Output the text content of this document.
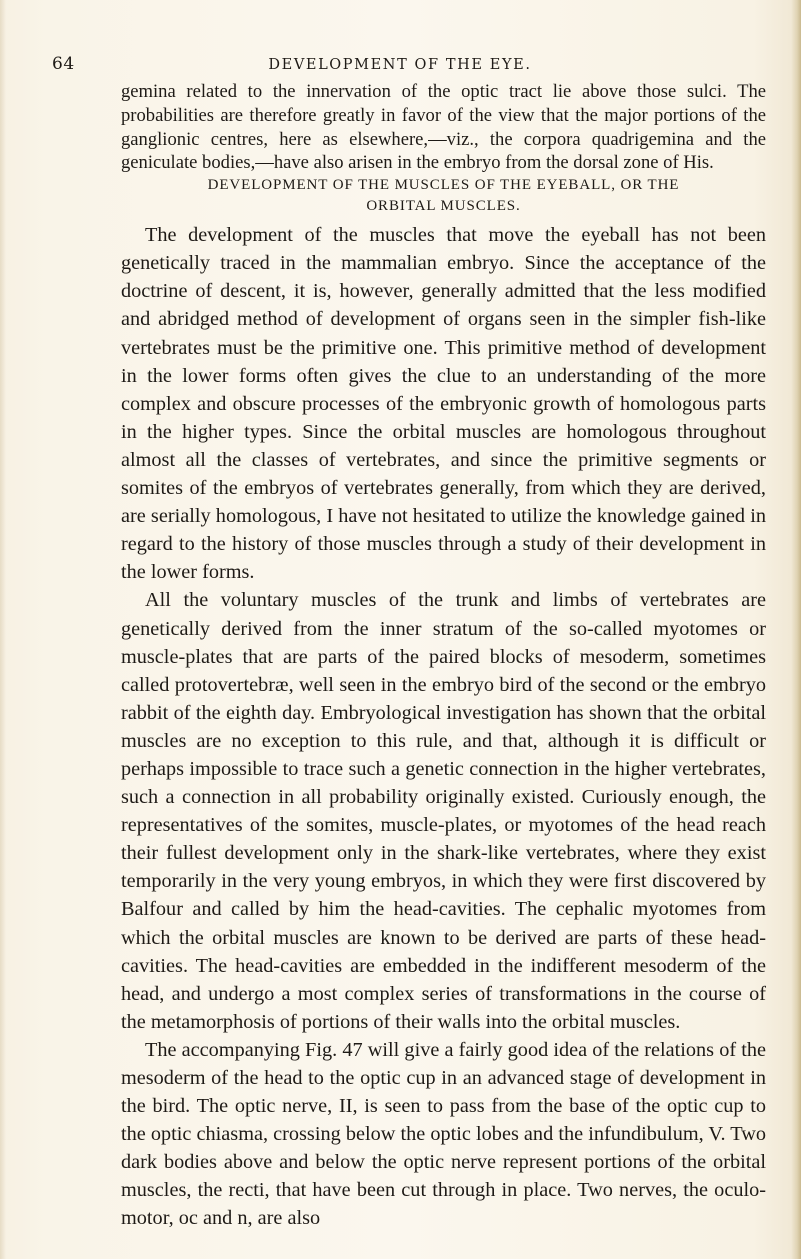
64	DEVELOPMENT OF THE EYE.

gemina related to the innervation of the optic tract lie above those sulci. The probabilities are therefore greatly in favor of the view that the major portions of the ganglionic centres, here as elsewhere,—viz., the corpora quadrigemina and the geniculate bodies,—have also arisen in the embryo from the dorsal zone of His.

DEVELOPMENT OF THE MUSCLES OF THE EYEBALL, OR THE
ORBITAL MUSCLES.

The development of the muscles that move the eyeball has not been genetically traced in the mammalian embryo. Since the acceptance of the doctrine of descent, it is, however, generally admitted that the less modified and abridged method of development of organs seen in the simpler fish-like vertebrates must be the primitive one. This primitive method of development in the lower forms often gives the clue to an understanding of the more complex and obscure processes of the embryonic growth of homologous parts in the higher types. Since the orbital muscles are homologous throughout almost all the classes of vertebrates, and since the primitive segments or somites of the embryos of vertebrates generally, from which they are derived, are serially homologous, I have not hesitated to utilize the knowledge gained in regard to the history of those muscles through a study of their development in the lower forms.

All the voluntary muscles of the trunk and limbs of vertebrates are genetically derived from the inner stratum of the so-called myotomes or muscle-plates that are parts of the paired blocks of mesoderm, sometimes called protovertebræ, well seen in the embryo bird of the second or the embryo rabbit of the eighth day. Embryological investigation has shown that the orbital muscles are no exception to this rule, and that, although it is difficult or perhaps impossible to trace such a genetic connection in the higher vertebrates, such a connection in all probability originally existed. Curiously enough, the representatives of the somites, muscle-plates, or myotomes of the head reach their fullest development only in the shark-like vertebrates, where they exist temporarily in the very young embryos, in which they were first discovered by Balfour and called by him the head-cavities. The cephalic myotomes from which the orbital muscles are known to be derived are parts of these head-cavities. The head-cavities are embedded in the indifferent mesoderm of the head, and undergo a most complex series of transformations in the course of the metamorphosis of portions of their walls into the orbital muscles.

The accompanying Fig. 47 will give a fairly good idea of the relations of the mesoderm of the head to the optic cup in an advanced stage of development in the bird. The optic nerve, II, is seen to pass from the base of the optic cup to the optic chiasma, crossing below the optic lobes and the infundibulum, V. Two dark bodies above and below the optic nerve represent portions of the orbital muscles, the recti, that have been cut through in place. Two nerves, the oculo-motor, oc and n, are also
